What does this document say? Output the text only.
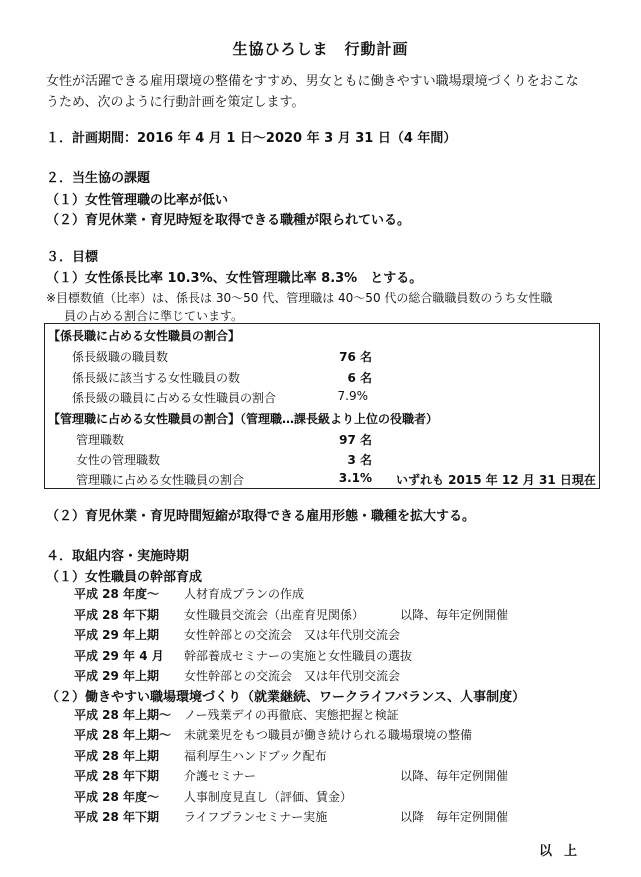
生協ひろしま　行動計画
女性が活躍できる雇用環境の整備をすすめ、男女ともに働きやすい職場環境づくりをおこな
うため、次のように行動計画を策定します。
１．計画期間：2016 年 4 月 1 日～2020 年 3 月 31 日（4 年間）
２．当生協の課題
（１）女性管理職の比率が低い
（２）育児休業・育児時短を取得できる職種が限られている。
３．目標
（１）女性係長比率 10.3%、女性管理職比率 8.3%　とする。
※目標数値（比率）は、係長は 30～50 代、管理職は 40～50 代の総合職職員数のうち女性職
員の占める割合に準じています。
【係長職に占める女性職員の割合】
係長級職の職員数	76 名
係長級に該当する女性職員の数	6 名
係長級の職員に占める女性職員の割合	7.9%
【管理職に占める女性職員の割合】（管理職…課長級より上位の役職者）
管理職数	97 名
女性の管理職数	3 名
管理職に占める女性職員の割合	3.1% いずれも 2015 年 12 月 31 日現在
（２）育児休業・育児時間短縮が取得できる雇用形態・職種を拡大する。
４．取組内容・実施時期
（１）女性職員の幹部育成
平成 28 年度～ 人材育成プランの作成
平成 28 年下期 女性職員交流会（出産育児関係）	以降、毎年定例開催
平成 29 年上期 女性幹部との交流会　又は年代別交流会
平成 29 年 4 月 幹部養成セミナーの実施と女性職員の選抜
平成 29 年上期 女性幹部との交流会　又は年代別交流会
（２）働きやすい職場環境づくり（就業継続、ワークライフバランス、人事制度）
平成 28 年上期～ ノー残業デイの再徹底、実態把握と検証
平成 28 年上期～ 未就業児をもつ職員が働き続けられる職場環境の整備
平成 28 年上期 福利厚生ハンドブック配布
平成 28 年下期 介護セミナー	以降、毎年定例開催
平成 28 年度～ 人事制度見直し（評価、賃金）
平成 28 年下期 ライフプランセミナー実施	以降　毎年定例開催
以上
